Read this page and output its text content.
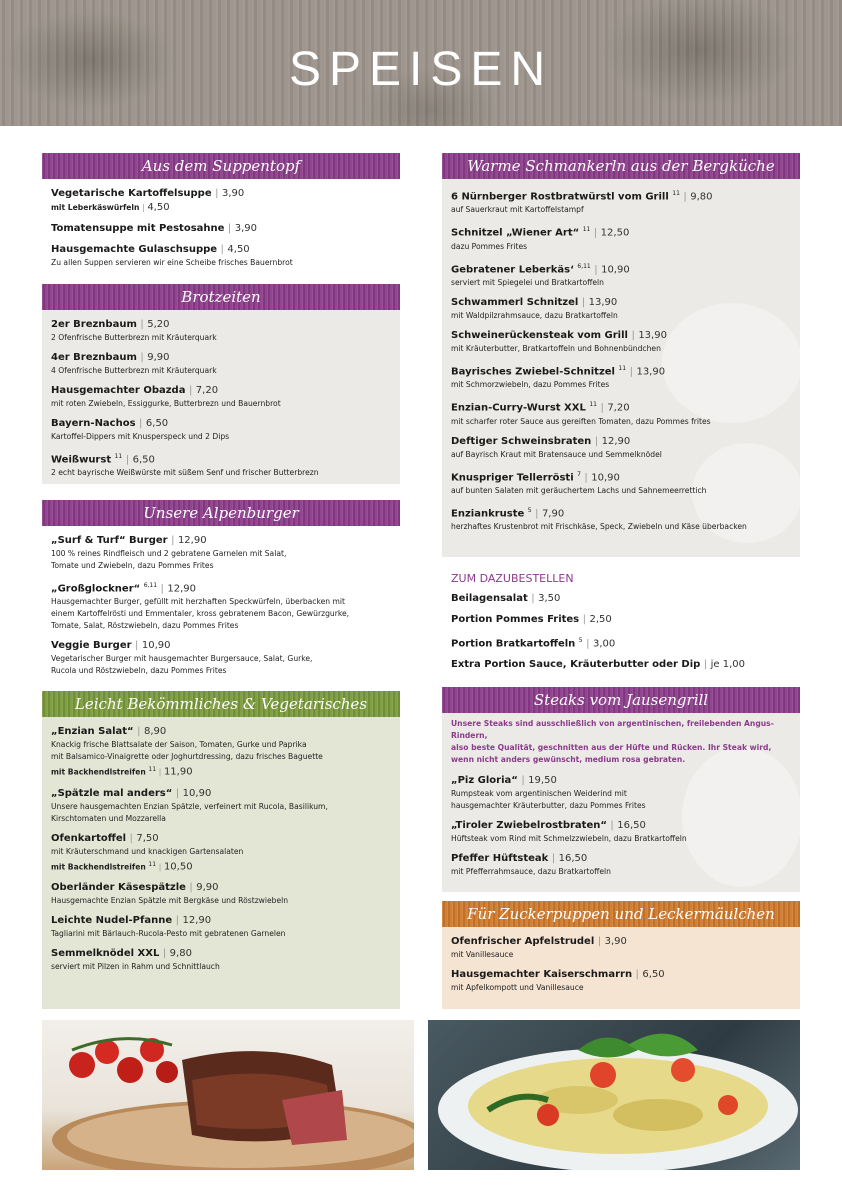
SPEISEN
Aus dem Suppentopf
Vegetarische Kartoffelsuppe | 3,90
mit Leberkäswürfeln | 4,50
Tomatensuppe mit Pestosahne | 3,90
Hausgemachte Gulaschsuppe | 4,50
Zu allen Suppen servieren wir eine Scheibe frisches Bauernbrot
Brotzeiten
2er Breznbaum | 5,20
2 Ofenfrische Butterbrezn mit Kräuterquark
4er Breznbaum | 9,90
4 Ofenfrische Butterbrezn mit Kräuterquark
Hausgemachter Obazda | 7,20
mit roten Zwiebeln, Essiggurke, Butterbrezn und Bauernbrot
Bayern-Nachos | 6,50
Kartoffel-Dippers mit Knusperspeck und 2 Dips
Weißwurst $^{11}$ | 6,50
2 echt bayrische Weißwürste mit süßem Senf und frischer Butterbrezn
Unsere Alpenburger
„Surf & Turf“ Burger | 12,90
100 % reines Rindfleisch und 2 gebratene Garnelen mit Salat,
Tomate und Zwiebeln, dazu Pommes Frites
„Großglockner“ $^{6,11}$ | 12,90
Hausgemachter Burger, gefüllt mit herzhaften Speckwürfeln, überbacken mit
einem Kartoffelrösti und Emmentaler, kross gebratenem Bacon, Gewürzgurke,
Tomate, Salat, Röstzwiebeln, dazu Pommes Frites
Veggie Burger | 10,90
Vegetarischer Burger mit hausgemachter Burgersauce, Salat, Gurke,
Rucola und Röstzwiebeln, dazu Pommes Frites
Leicht Bekömmliches & Vegetarisches
„Enzian Salat“ | 8,90
Knackig frische Blattsalate der Saison, Tomaten, Gurke und Paprika
mit Balsamico-Vinaigrette oder Joghurtdressing, dazu frisches Baguette
mit Backhendlstreifen $^{11}$ | 11,90
„Spätzle mal anders“ | 10,90
Unsere hausgemachten Enzian Spätzle, verfeinert mit Rucola, Basilikum,
Kirschtomaten und Mozzarella
Ofenkartoffel | 7,50
mit Kräuterschmand und knackigen Gartensalaten
mit Backhendlstreifen $^{11}$ | 10,50
Oberländer Käsespätzle | 9,90
Hausgemachte Enzian Spätzle mit Bergkäse und Röstzwiebeln
Leichte Nudel-Pfanne | 12,90
Tagliarini mit Bärlauch-Rucola-Pesto mit gebratenen Garnelen
Semmelknödel XXL | 9,80
serviert mit Pilzen in Rahm und Schnittlauch
Warme Schmankerln aus der Bergküche
6 Nürnberger Rostbratwürstl vom Grill $^{11}$ | 9,80
auf Sauerkraut mit Kartoffelstampf
Schnitzel „Wiener Art“ $^{11}$ | 12,50
dazu Pommes Frites
Gebratener Leberkäs‘ $^{6,11}$ | 10,90
serviert mit Spiegelei und Bratkartoffeln
Schwammerl Schnitzel | 13,90
mit Waldpilzrahmsauce, dazu Bratkartoffeln
Schweinerückensteak vom Grill | 13,90
mit Kräuterbutter, Bratkartoffeln und Bohnenbündchen
Bayrisches Zwiebel-Schnitzel $^{11}$ | 13,90
mit Schmorzwiebeln, dazu Pommes Frites
Enzian-Curry-Wurst XXL $^{11}$ | 7,20
mit scharfer roter Sauce aus gereiften Tomaten, dazu Pommes frites
Deftiger Schweinsbraten | 12,90
auf Bayrisch Kraut mit Bratensauce und Semmelknödel
Knuspriger Tellerrösti $^7$ | 10,90
auf bunten Salaten mit geräuchertem Lachs und Sahnemeerrettich
Enziankruste $^5$ | 7,90
herzhaftes Krustenbrot mit Frischkäse, Speck, Zwiebeln und Käse überbacken
ZUM DAZUBESTELLEN
Beilagensalat | 3,50
Portion Pommes Frites | 2,50
Portion Bratkartoffeln $^5$ | 3,00
Extra Portion Sauce, Kräuterbutter oder Dip | je 1,00
Steaks vom Jausengrill
Unsere Steaks sind ausschließlich von argentinischen, freilebenden Angus-Rindern,
also beste Qualität, geschnitten aus der Hüfte und Rücken. Ihr Steak wird,
wenn nicht anders gewünscht, medium rosa gebraten.
„Piz Gloria“ | 19,50
Rumpsteak vom argentinischen Weiderind mit
hausgemachter Kräuterbutter, dazu Pommes Frites
„Tiroler Zwiebelrostbraten“ | 16,50
Hüftsteak vom Rind mit Schmelzzwiebeln, dazu Bratkartoffeln
Pfeffer Hüftsteak | 16,50
mit Pfefferrahmsauce, dazu Bratkartoffeln
Für Zuckerpuppen und Leckermäulchen
Ofenfrischer Apfelstrudel | 3,90
mit Vanillesauce
Hausgemachter Kaiserschmarrn | 6,50
mit Apfelkompott und Vanillesauce
